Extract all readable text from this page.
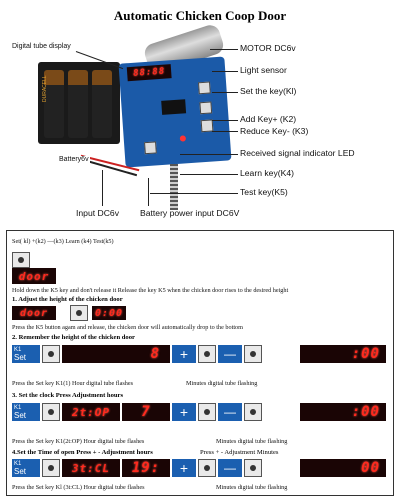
Automatic Chicken Coop Door
DURACELL
88:88
Digital tube display	MOTOR DC6v
Light sensor
Set the key(Kl)
Add Key+ (K2)
Reduce Key- (K3)
Received signal indicator LED
Learn key(K4)
Test key(K5)
Battery6v
Input DC6v Battery power input DC6V
Set( kl) +(k2) —(k3) Learn (k4) Test(k5)
door
Hold down the K5 key and don't release it Release the key K5 when the chicken door rises to the desired height
1. Adjust the height of the chicken door
door	0:00
Press the K5 button agam and release, the chicken door will automatically drop to the bottom
2. Remember the height of the chicken door
K1
Set	8	+	—	:00
Press the Set key K1(1) Hour digital tube flashes	Minutes digital tube flashing
3. Set the clock Press Adjustment hours
K1
Set	2t:OP	7	+	—	:00
Press the Set key K1(2t:OP) Hour digital tube flashes	Minutes digital tube flashing
4.Set the Time of open Press + - Adjustment hours	Press + - Adjustment Minutes
K1
Set	3t:CL	19:	+	—	00
Press the Set key Kl (3t:CL) Hour digital tube flashes	Minutes digital tube flashing
